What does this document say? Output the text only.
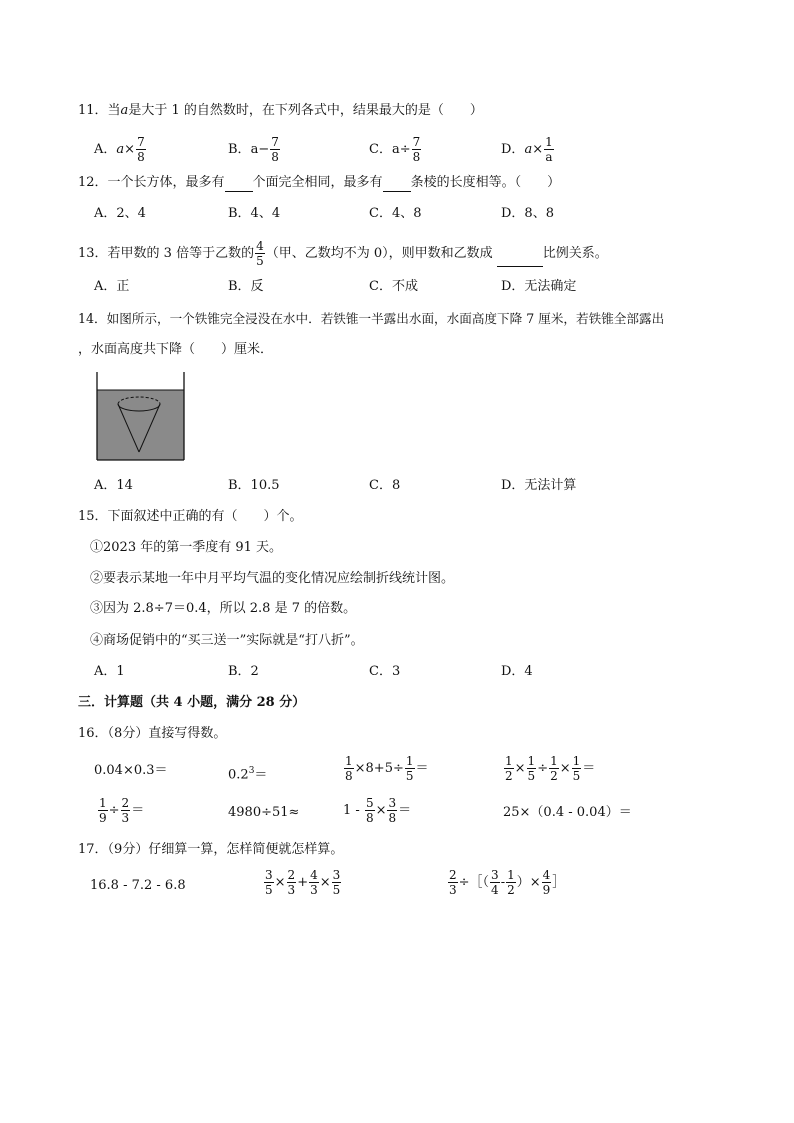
11．当a是大于 1 的自然数时，在下列各式中，结果最大的是（　　）
A．$a\times \frac{7}{8}$	B．$a- \frac{7}{8}$	C．$a\div \frac{7}{8}$	D．$a\times \frac{1}{a}$
12．一个长方体，最多有 个面完全相同，最多有 条棱的长度相等。（　　）
A．2、4	B．4、4	C．4、8	D．8、8
13．若甲数的 3 倍等于乙数的 $\frac{4}{5}$ （甲、乙数均不为 0），则甲数和乙数成	比例关系。
A．正	B．反	C．不成	D．无法确定
14．如图所示，一个铁锥完全浸没在水中．若铁锥一半露出水面，水面高度下降 7 厘米，若铁锥全部露出
，水面高度共下降（　　）厘米．
A．14	B．10.5	C．8	D．无法计算
15．下面叙述中正确的有（　　）个。
①2023 年的第一季度有 91 天。
②要表示某地一年中月平均气温的变化情况应绘制折线统计图。
③因为 2.8÷7＝0.4，所以 2.8 是 7 的倍数。
④商场促销中的“买三送一”实际就是“打八折”。
A．1	B．2	C．3	D．4
三．计算题（共 4 小题，满分 28 分）
16．（8分）直接写得数。
0.04×0.3＝	$0.2^3=$	$\frac{1}{8} \times 8+5\div \frac{1}{5}$ ＝	$\frac{1}{2} \times \frac{1}{5} \div \frac{1}{2} \times \frac{1}{5}$ ＝
$\frac{1}{9} \div \frac{2}{3}$ ＝	4980÷51≈	$1 - \frac{5}{8} \times \frac{3}{8}$ ＝	25×（0.4 - 0.04）＝
17．（9分）仔细算一算，怎样简便就怎样算。
16.8 - 7.2 - 6.8	$\frac{3}{5} \times \frac{2}{3} + \frac{4}{3} \times \frac{3}{5}$	$\frac{2}{3}$ ÷［（ $\frac{3}{4} - \frac{1}{2}$ ）× $\frac{4}{9}$ ］
